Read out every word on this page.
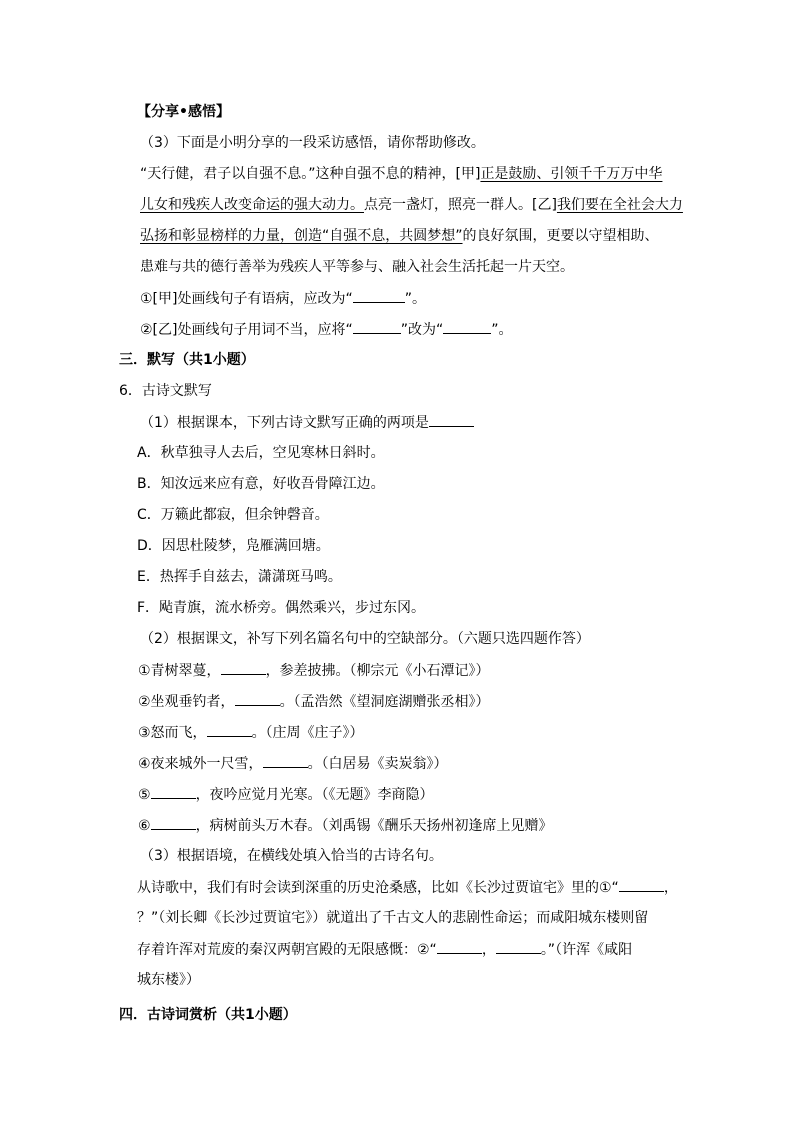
【分享•感悟】
（3）下面是小明分享的一段采访感悟，请你帮助修改。
“天行健，君子以自强不息。”这种自强不息的精神，[甲]正是鼓励、引领千千万万中华
儿女和残疾人改变命运的强大动力。点亮一盏灯，照亮一群人。[乙]我们要在全社会大力
弘扬和彰显榜样的力量，创造“自强不息，共圆梦想”的良好氛围，更要以守望相助、
患难与共的德行善举为残疾人平等参与、融入社会生活托起一片天空。
①[甲]处画线句子有语病，应改为“	”。
②[乙]处画线句子用词不当，应将“	”改为“	”。
三．默写（共1小题）
6．古诗文默写
（1）根据课本，下列古诗文默写正确的两项是
A．秋草独寻人去后，空见寒林日斜时。
B．知汝远来应有意，好收吾骨障江边。
C．万籁此都寂，但余钟磬音。
D．因思杜陵梦，凫雁满回塘。
E．热挥手自兹去，潇潇斑马鸣。
F．飐青旗，流水桥旁。偶然乘兴，步过东冈。
（2）根据课文，补写下列名篇名句中的空缺部分。（六题只选四题作答）
①青树翠蔓，	，参差披拂。（柳宗元《小石潭记》）
②坐观垂钓者，	。（孟浩然《望洞庭湖赠张丞相》）
③怒而飞，	。（庄周《庄子》）
④夜来城外一尺雪，	。（白居易《卖炭翁》）
⑤	，夜吟应觉月光寒。（《无题》李商隐）
⑥	，病树前头万木春。（刘禹锡《酬乐天扬州初逢席上见赠》
（3）根据语境，在横线处填入恰当的古诗名句。
从诗歌中，我们有时会读到深重的历史沧桑感，比如《长沙过贾谊宅》里的①“	，
？”（刘长卿《长沙过贾谊宅》）就道出了千古文人的悲剧性命运；而咸阳城东楼则留
存着许浑对荒废的秦汉两朝宫殿的无限感慨：②“	，	。”（许浑《咸阳
城东楼》）
四．古诗词赏析（共1小题）
